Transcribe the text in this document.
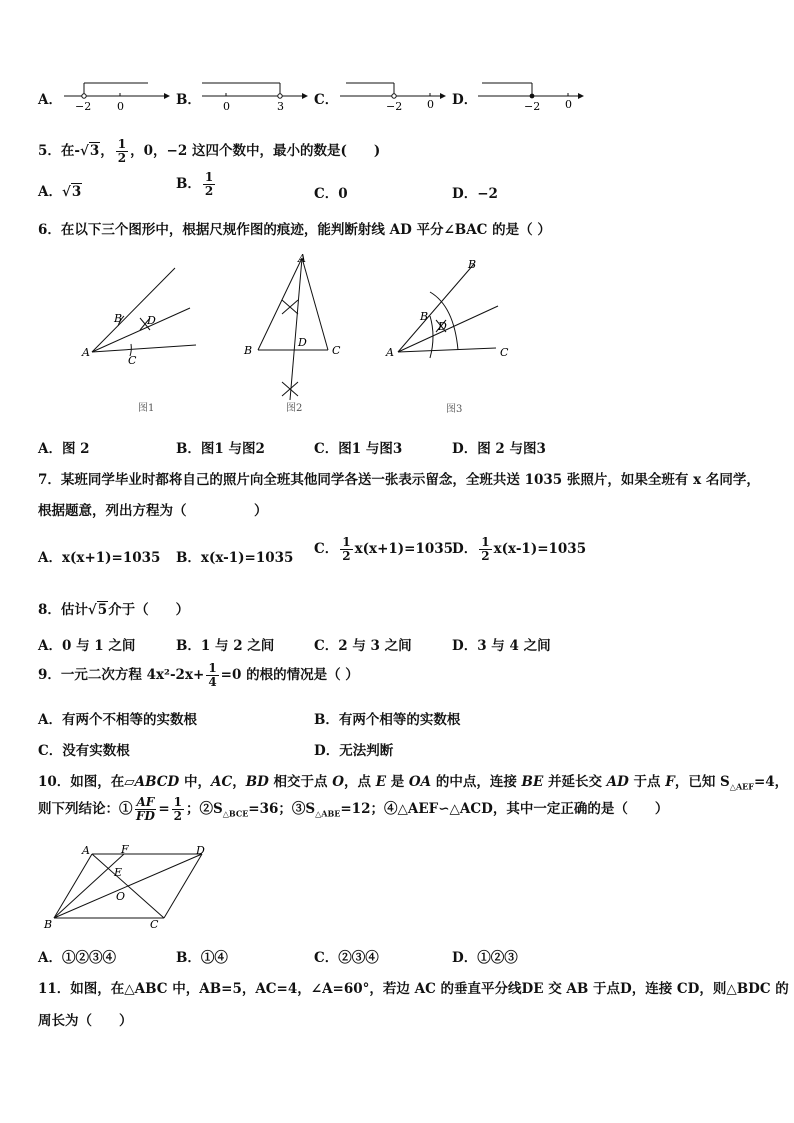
A．	B．	C．	D．
−2 0	0	3	−2 0	−2 0
5．在-√3， $\frac{1}{2}$ ，0，−2 这四个数中，最小的数是(　　)
A．√3	B． $\frac{1}{2}$	C．0	D．−2
6．在以下三个图形中，根据尺规作图的痕迹，能判断射线 AD 平分∠BAC 的是（ ）
A
B
C
D
图1
A
B	C
D
图2
A
B
C
D
B
图3
A．图 2	B．图1 与图2	C．图1 与图3	D．图 2 与图3
7．某班同学毕业时都将自己的照片向全班其他同学各送一张表示留念，全班共送 1035 张照片，如果全班有 x 名同学，
根据题意，列出方程为（　　　　　）
A．x(x+1)=1035 B．x(x-1)=1035
C． $\frac{1}{2} x(x+1)=1035$
D． $\frac{1}{2} x(x-1)=1035$
8．估计√5介于（　　）
A．0 与 1 之间	B．1 与 2 之间	C．2 与 3 之间	D．3 与 4 之间
9．一元二次方程 $4x^2-2x+ \frac{1}{4} =0$ 的根的情况是（ ）
A．有两个不相等的实数根	B．有两个相等的实数根
C．没有实数根	D．无法判断
10．如图，在▱ABCD 中，AC，BD 相交于点 O，点 E 是 OA 的中点，连接 BE 并延长交 AD 于点 F，已知 $S_{\triangle AEF}=4$，
则下列结论：① $\frac{AF}{FD} = \frac{1}{2}$ ；$②S_{\triangle BCE}=36$；$③S_{\triangle ABE}=12$；④△AEF∽△ACD，其中一定正确的是（　　）
A	F	D
E
O
B	C
A．①②③④	B．①④	C．②③④	D．①②③
11．如图，在△ABC 中，AB=5，AC=4，∠A=60°，若边 AC 的垂直平分线DE 交 AB 于点D，连接 CD，则△BDC 的
周长为（　　）
